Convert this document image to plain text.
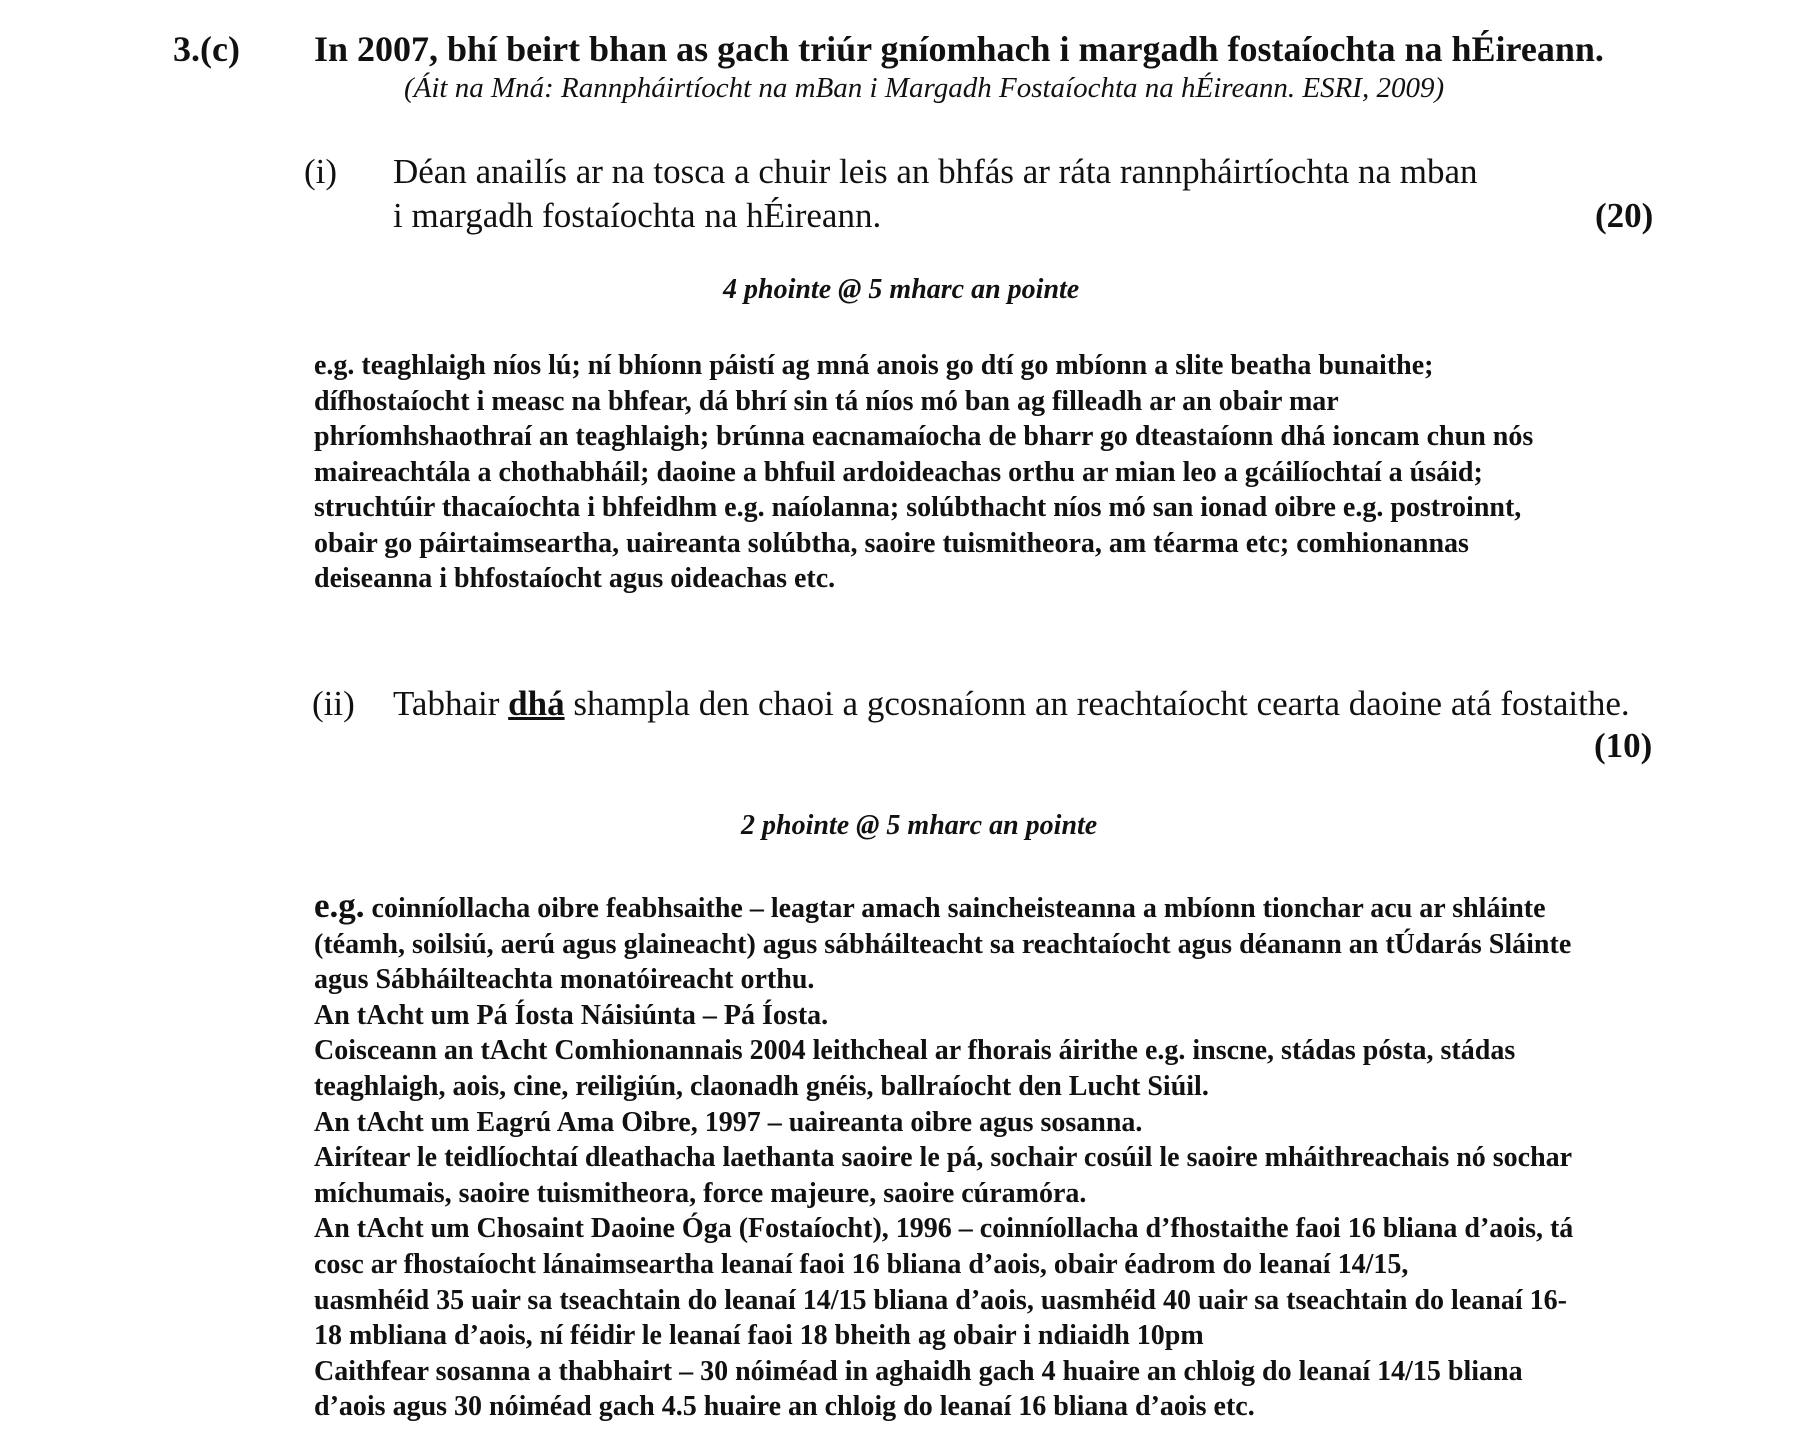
3.(c) In 2007, bhí beirt bhan as gach triúr gníomhach i margadh fostaíochta na hÉireann.
(Áit na Mná: Rannpháirtíocht na mBan i Margadh Fostaíochta na hÉireann. ESRI, 2009)
(i) Déan anailís ar na tosca a chuir leis an bhfás ar ráta rannpháirtíochta na mban
i margadh fostaíochta na hÉireann.	(20)
4 phointe @ 5 mharc an pointe
e.g. teaghlaigh níos lú; ní bhíonn páistí ag mná anois go dtí go mbíonn a slite beatha bunaithe;
dífhostaíocht i measc na bhfear, dá bhrí sin tá níos mó ban ag filleadh ar an obair mar
phríomhshaothraí an teaghlaigh; brúnna eacnamaíocha de bharr go dteastaíonn dhá ioncam chun nós
maireachtála a chothabháil; daoine a bhfuil ardoideachas orthu ar mian leo a gcáilíochtaí a úsáid;
struchtúir thacaíochta i bhfeidhm e.g. naíolanna; solúbthacht níos mó san ionad oibre e.g. postroinnt,
obair go páirtaimseartha, uaireanta solúbtha, saoire tuismitheora, am téarma etc; comhionannas
deiseanna i bhfostaíocht agus oideachas etc.
(ii) Tabhair dhá shampla den chaoi a gcosnaíonn an reachtaíocht cearta daoine atá fostaithe.
(10)
2 phointe @ 5 mharc an pointe
e.g. coinníollacha oibre feabhsaithe – leagtar amach saincheisteanna a mbíonn tionchar acu ar shláinte
(téamh, soilsiú, aerú agus glaineacht) agus sábháilteacht sa reachtaíocht agus déanann an tÚdarás Sláinte
agus Sábháilteachta monatóireacht orthu.
An tAcht um Pá Íosta Náisiúnta – Pá Íosta.
Coisceann an tAcht Comhionannais 2004 leithcheal ar fhorais áirithe e.g. inscne, stádas pósta, stádas
teaghlaigh, aois, cine, reiligiún, claonadh gnéis, ballraíocht den Lucht Siúil.
An tAcht um Eagrú Ama Oibre, 1997 – uaireanta oibre agus sosanna.
Airítear le teidlíochtaí dleathacha laethanta saoire le pá, sochair cosúil le saoire mháithreachais nó sochar
míchumais, saoire tuismitheora, force majeure, saoire cúramóra.
An tAcht um Chosaint Daoine Óga (Fostaíocht), 1996 – coinníollacha d’fhostaithe faoi 16 bliana d’aois, tá
cosc ar fhostaíocht lánaimseartha leanaí faoi 16 bliana d’aois, obair éadrom do leanaí 14/15,
uasmhéid 35 uair sa tseachtain do leanaí 14/15 bliana d’aois, uasmhéid 40 uair sa tseachtain do leanaí 16-
18 mbliana d’aois, ní féidir le leanaí faoi 18 bheith ag obair i ndiaidh 10pm
Caithfear sosanna a thabhairt – 30 nóiméad in aghaidh gach 4 huaire an chloig do leanaí 14/15 bliana
d’aois agus 30 nóiméad gach 4.5 huaire an chloig do leanaí 16 bliana d’aois etc.
